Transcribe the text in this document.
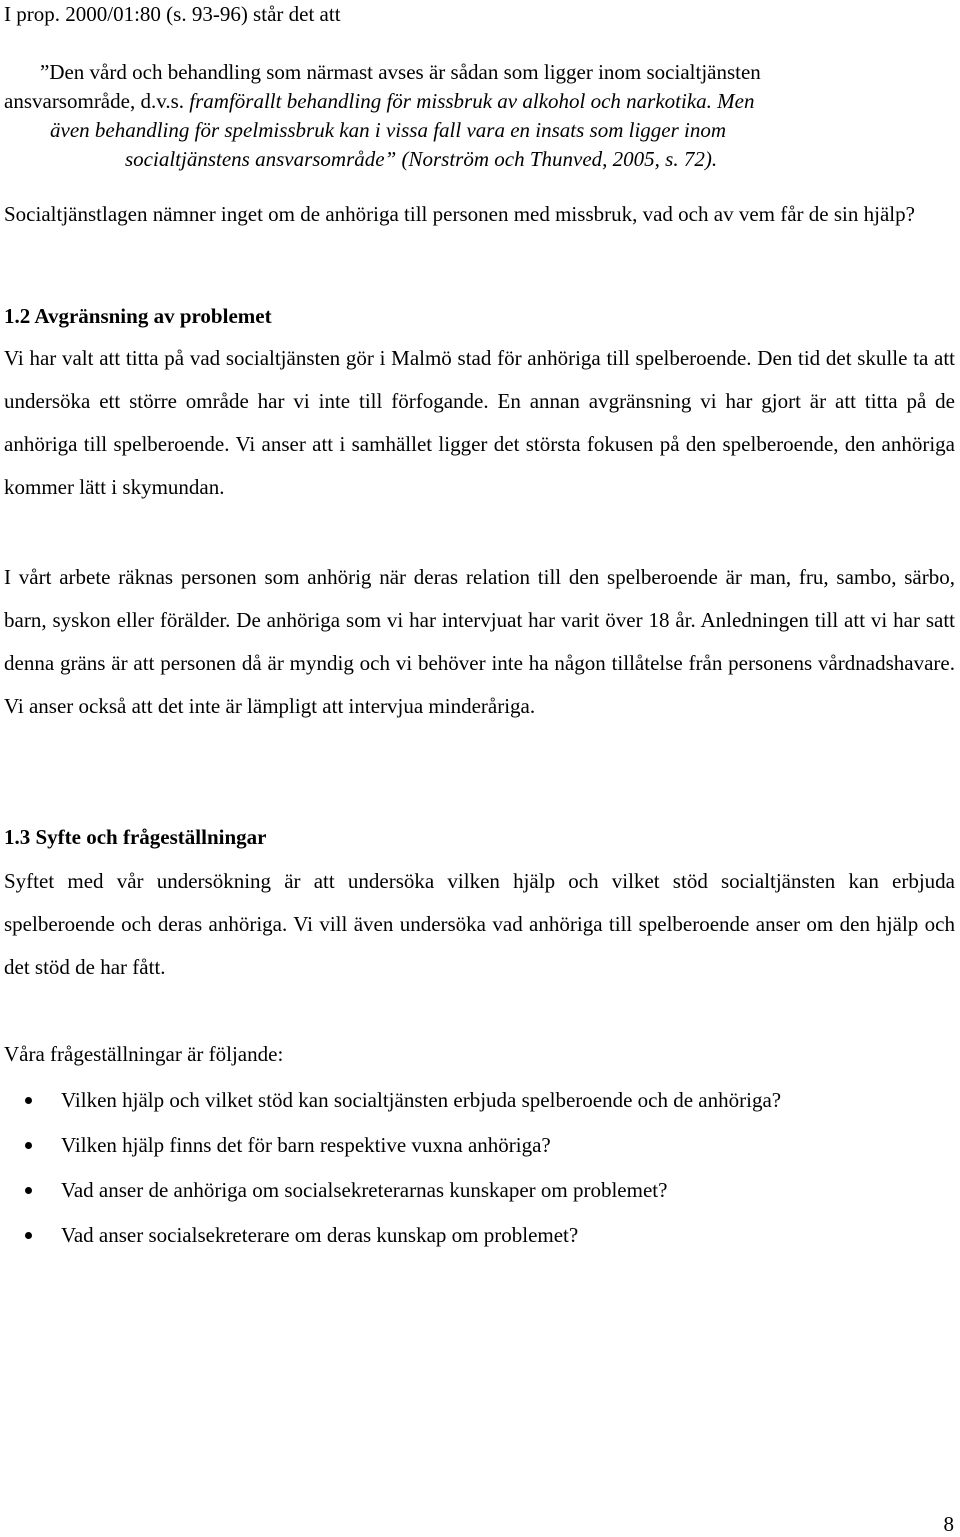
I prop. 2000/01:80 (s. 93-96) står det att

”Den vård och behandling som närmast avses är sådan som ligger inom socialtjänsten

ansvarsområde, d.v.s. framförallt behandling för missbruk av alkohol och narkotika. Men

även behandling för spelmissbruk kan i vissa fall vara en insats som ligger inom

socialtjänstens ansvarsområde” (Norström och Thunved, 2005, s. 72).

Socialtjänstlagen nämner inget om de anhöriga till personen med missbruk, vad och av vem får de sin hjälp?

1.2 Avgränsning av problemet

Vi har valt att titta på vad socialtjänsten gör i Malmö stad för anhöriga till spelberoende. Den tid det skulle ta att undersöka ett större område har vi inte till förfogande. En annan avgränsning vi har gjort är att titta på de anhöriga till spelberoende. Vi anser att i samhället ligger det största fokusen på den spelberoende, den anhöriga kommer lätt i skymundan.

I vårt arbete räknas personen som anhörig när deras relation till den spelberoende är man, fru, sambo, särbo, barn, syskon eller förälder. De anhöriga som vi har intervjuat har varit över 18 år. Anledningen till att vi har satt denna gräns är att personen då är myndig och vi behöver inte ha någon tillåtelse från personens vårdnadshavare. Vi anser också att det inte är lämpligt att intervjua minderåriga.

1.3 Syfte och frågeställningar

Syftet med vår undersökning är att undersöka vilken hjälp och vilket stöd socialtjänsten kan erbjuda spelberoende och deras anhöriga. Vi vill även undersöka vad anhöriga till spelberoende anser om den hjälp och det stöd de har fått.

Våra frågeställningar är följande:

Vilken hjälp och vilket stöd kan socialtjänsten erbjuda spelberoende och de anhöriga?
Vilken hjälp finns det för barn respektive vuxna anhöriga?
Vad anser de anhöriga om socialsekreterarnas kunskaper om problemet?
Vad anser socialsekreterare om deras kunskap om problemet?
8
